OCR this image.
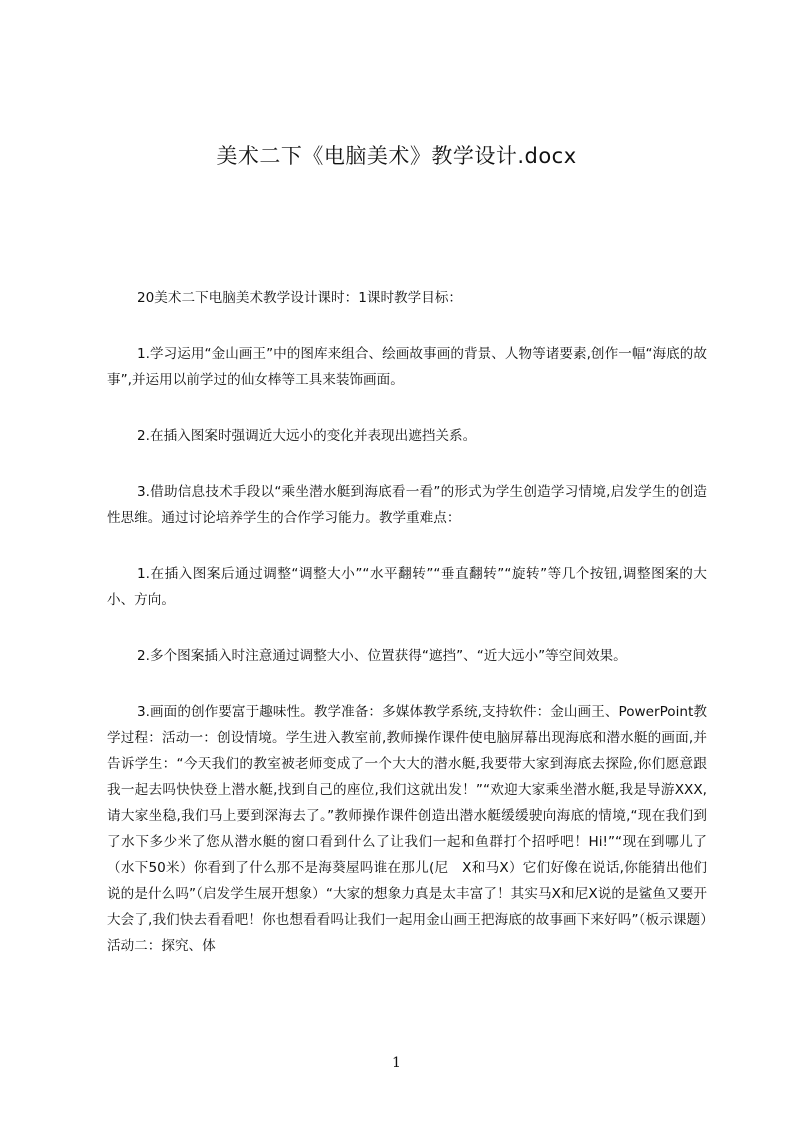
美术二下《电脑美术》教学设计.docx

20美术二下电脑美术教学设计课时：1课时教学目标：

1.学习运用“金山画王”中的图库来组合、绘画故事画的背景、人物等诸要素,创作一幅“海底的故事”,并运用以前学过的仙女棒等工具来装饰画面。

2.在插入图案时强调近大远小的变化并表现出遮挡关系。

3.借助信息技术手段以“乘坐潜水艇到海底看一看”的形式为学生创造学习情境,启发学生的创造性思维。通过讨论培养学生的合作学习能力。教学重难点：

1.在插入图案后通过调整“调整大小”“水平翻转”“垂直翻转”“旋转”等几个按钮,调整图案的大小、方向。

2.多个图案插入时注意通过调整大小、位置获得“遮挡”、“近大远小”等空间效果。

3.画面的创作要富于趣味性。教学准备：多媒体教学系统,支持软件：金山画王、PowerPoint教学过程：活动一：创设情境。学生进入教室前,教师操作课件使电脑屏幕出现海底和潜水艇的画面,并告诉学生：“今天我们的教室被老师变成了一个大大的潜水艇,我要带大家到海底去探险,你们愿意跟我一起去吗快快登上潜水艇,找到自己的座位,我们这就出发！”“欢迎大家乘坐潜水艇,我是导游XXX,请大家坐稳,我们马上要到深海去了。”教师操作课件创造出潜水艇缓缓驶向海底的情境,“现在我们到了水下多少米了您从潜水艇的窗口看到什么了让我们一起和鱼群打个招呼吧！Hi!”“现在到哪儿了（水下50米）你看到了什么那不是海葵屋吗谁在那儿(尼　X和马X）它们好像在说话,你能猜出他们说的是什么吗”（启发学生展开想象）“大家的想象力真是太丰富了！其实马X和尼X说的是鲨鱼又要开大会了,我们快去看看吧！你也想看看吗让我们一起用金山画王把海底的故事画下来好吗”（板示课题）活动二：探究、体

1
